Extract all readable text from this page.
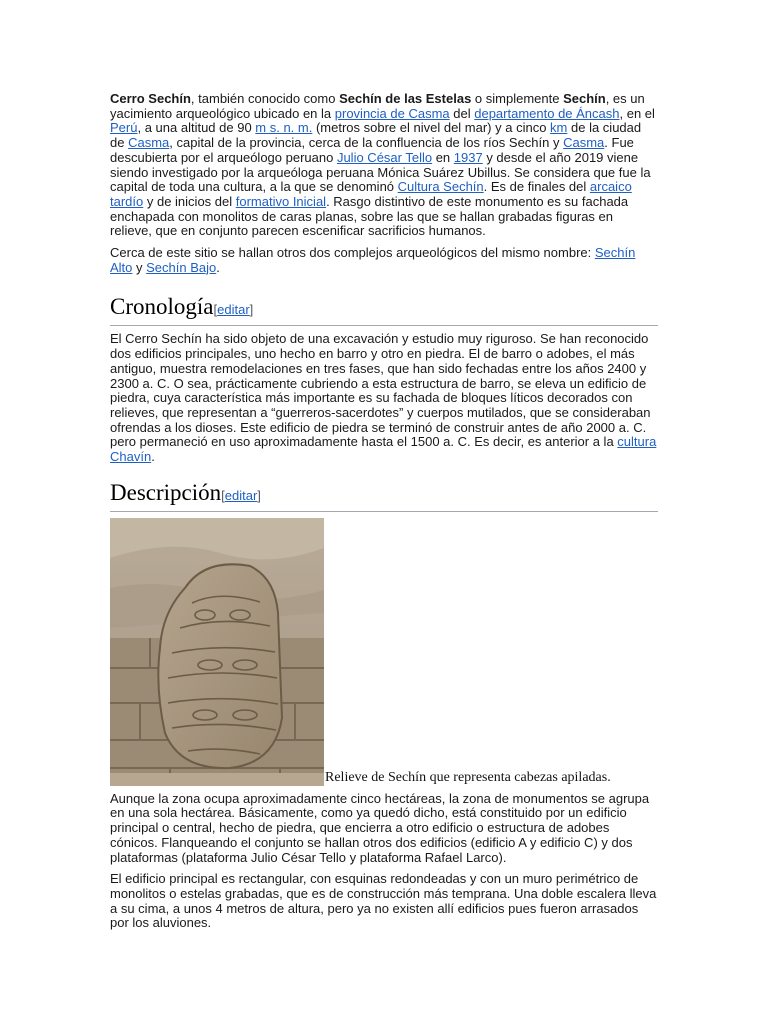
Cerro Sechín, también conocido como Sechín de las Estelas o simplemente Sechín, es un yacimiento arqueológico ubicado en la provincia de Casma del departamento de Áncash, en el Perú, a una altitud de 90 m s. n. m. (metros sobre el nivel del mar) y a cinco km de la ciudad de Casma, capital de la provincia, cerca de la confluencia de los ríos Sechín y Casma. Fue descubierta por el arqueólogo peruano Julio César Tello en 1937 y desde el año 2019 viene siendo investigado por la arqueóloga peruana Mónica Suárez Ubillus. Se considera que fue la capital de toda una cultura, a la que se denominó Cultura Sechín. Es de finales del arcaico tardío y de inicios del formativo Inicial. Rasgo distintivo de este monumento es su fachada enchapada con monolitos de caras planas, sobre las que se hallan grabadas figuras en relieve, que en conjunto parecen escenificar sacrificios humanos.

Cerca de este sitio se hallan otros dos complejos arqueológicos del mismo nombre: Sechín Alto y Sechín Bajo.

Cronología[editar]

El Cerro Sechín ha sido objeto de una excavación y estudio muy riguroso. Se han reconocido dos edificios principales, uno hecho en barro y otro en piedra. El de barro o adobes, el más antiguo, muestra remodelaciones en tres fases, que han sido fechadas entre los años 2400 y 2300 a. C. O sea, prácticamente cubriendo a esta estructura de barro, se eleva un edificio de piedra, cuya característica más importante es su fachada de bloques líticos decorados con relieves, que representan a “guerreros-sacerdotes” y cuerpos mutilados, que se consideraban ofrendas a los dioses. Este edificio de piedra se terminó de construir antes de año 2000 a. C. pero permaneció en uso aproximadamente hasta el 1500 a. C. Es decir, es anterior a la cultura Chavín.

Descripción[editar]
Relieve de Sechín que representa cabezas apiladas.

Aunque la zona ocupa aproximadamente cinco hectáreas, la zona de monumentos se agrupa en una sola hectárea. Básicamente, como ya quedó dicho, está constituido por un edificio principal o central, hecho de piedra, que encierra a otro edificio o estructura de adobes cónicos. Flanqueando el conjunto se hallan otros dos edificios (edificio A y edificio C) y dos plataformas (plataforma Julio César Tello y plataforma Rafael Larco).

El edificio principal es rectangular, con esquinas redondeadas y con un muro perimétrico de monolitos o estelas grabadas, que es de construcción más temprana. Una doble escalera lleva a su cima, a unos 4 metros de altura, pero ya no existen allí edificios pues fueron arrasados por los aluviones.
